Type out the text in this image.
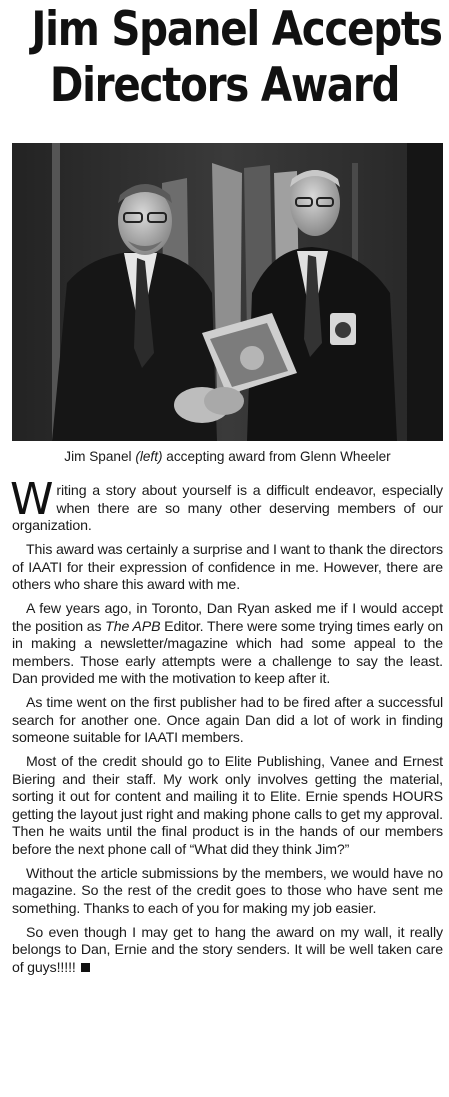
Jim Spanel Accepts
Directors Award
Jim Spanel (left) accepting award from Glenn Wheeler

Writing a story about yourself is a difficult endeavor, especially when there are so many other deserving members of our organization.

This award was certainly a surprise and I want to thank the directors of IAATI for their expression of confidence in me. However, there are others who share this award with me.

A few years ago, in Toronto, Dan Ryan asked me if I would accept the position as The APB Editor. There were some trying times early on in making a newsletter/magazine which had some appeal to the members. Those early attempts were a challenge to say the least. Dan provided me with the motivation to keep after it.

As time went on the first publisher had to be fired after a successful search for another one. Once again Dan did a lot of work in finding someone suitable for IAATI members.

Most of the credit should go to Elite Publishing, Vanee and Ernest Biering and their staff. My work only involves getting the material, sorting it out for content and mailing it to Elite. Ernie spends HOURS getting the layout just right and making phone calls to get my approval. Then he waits until the final product is in the hands of our members before the next phone call of “What did they think Jim?”

Without the article submissions by the members, we would have no magazine. So the rest of the credit goes to those who have sent me something. Thanks to each of you for making my job easier.

So even though I may get to hang the award on my wall, it really belongs to Dan, Ernie and the story senders. It will be well taken care of guys!!!!!
